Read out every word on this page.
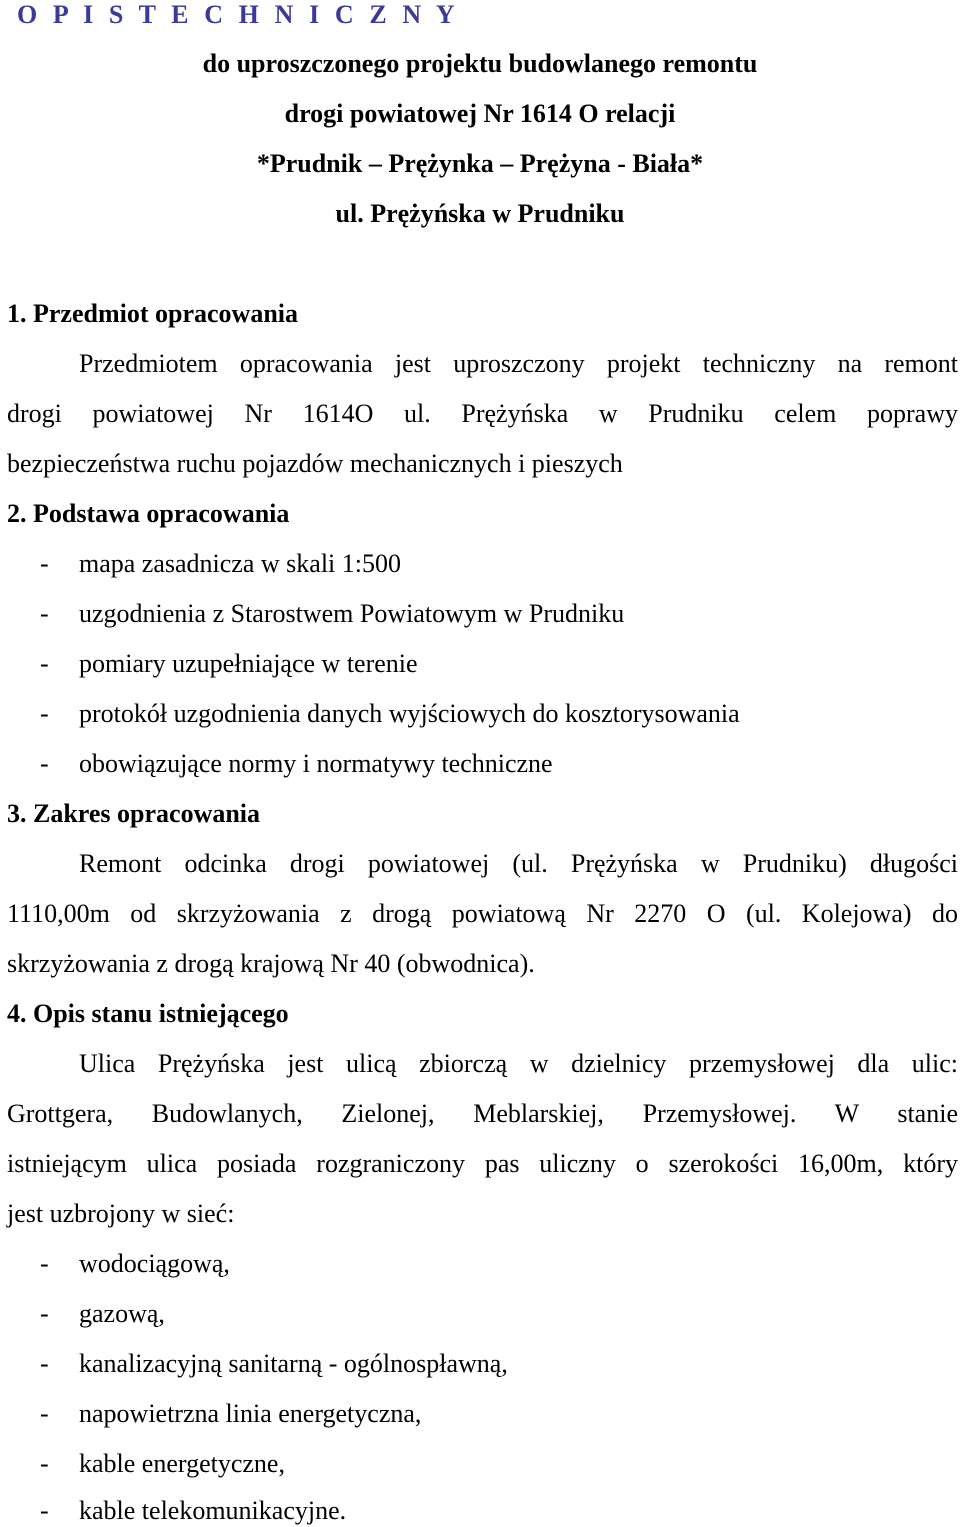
O P I S T E C H N I C Z N Y
do uproszczonego projektu budowlanego remontu
drogi powiatowej Nr 1614 O relacji
*Prudnik – Prężynka – Prężyna - Biała*
ul. Prężyńska w Prudniku
1. Przedmiot opracowania
Przedmiotem opracowania jest uproszczony projekt techniczny na remont
drogi powiatowej Nr 1614O ul. Prężyńska w Prudniku celem poprawy
bezpieczeństwa ruchu pojazdów mechanicznych i pieszych
2. Podstawa opracowania
- mapa zasadnicza w skali 1:500
- uzgodnienia z Starostwem Powiatowym w Prudniku
- pomiary uzupełniające w terenie
- protokół uzgodnienia danych wyjściowych do kosztorysowania
- obowiązujące normy i normatywy techniczne
3. Zakres opracowania
Remont odcinka drogi powiatowej (ul. Prężyńska w Prudniku) długości
1110,00m od skrzyżowania z drogą powiatową Nr 2270 O (ul. Kolejowa) do
skrzyżowania z drogą krajową Nr 40 (obwodnica).
4. Opis stanu istniejącego
Ulica Prężyńska jest ulicą zbiorczą w dzielnicy przemysłowej dla ulic:
Grottgera, Budowlanych, Zielonej, Meblarskiej, Przemysłowej. W stanie
istniejącym ulica posiada rozgraniczony pas uliczny o szerokości 16,00m, który
jest uzbrojony w sieć:
- wodociągową,
- gazową,
- kanalizacyjną sanitarną - ogólnospławną,
- napowietrzna linia energetyczna,
- kable energetyczne,
- kable telekomunikacyjne.
